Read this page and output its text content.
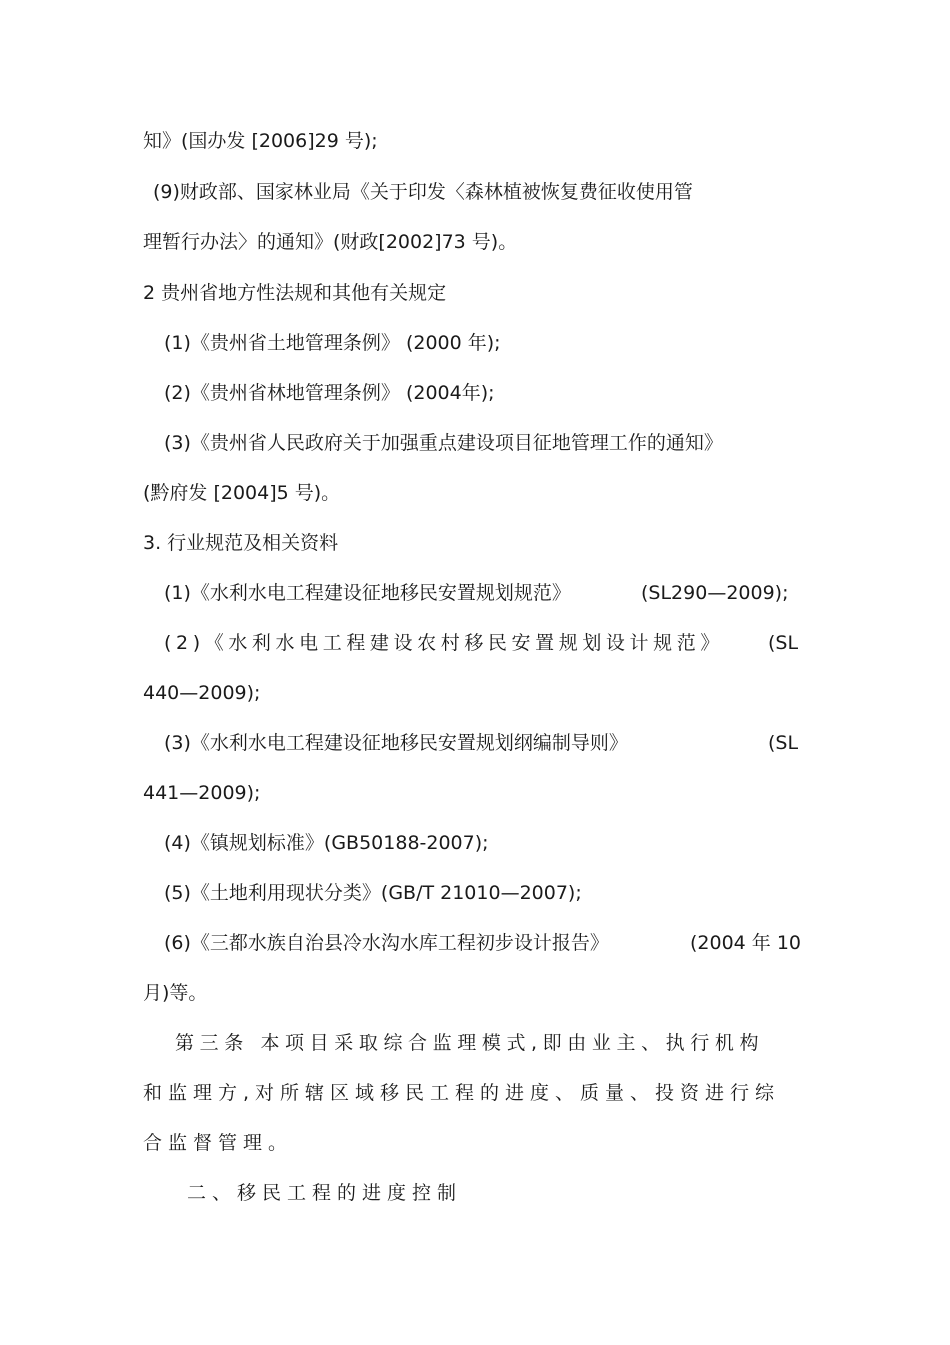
知》(国办发 [2006]29 号);

(9)财政部、国家林业局《关于印发〈森林植被恢复费征收使用管

理暂行办法〉的通知》(财政[2002]73 号)。

2 贵州省地方性法规和其他有关规定

(1)《贵州省土地管理条例》 (2000 年);

(2)《贵州省林地管理条例》 (2004年);

(3)《贵州省人民政府关于加强重点建设项目征地管理工作的通知》

(黔府发 [2004]5 号)。

3. 行业规范及相关资料

(1)《水利水电工程建设征地移民安置规划规范》	(SL290—2009);
(2)《水利水电工程建设农村移民安置规划设计规范》 (SL

440—2009);

(3)《水利水电工程建设征地移民安置规划纲编制导则》	(SL

441—2009);

(4)《镇规划标准》(GB50188-2007);

(5)《土地利用现状分类》(GB/T 21010—2007);

(6)《三都水族自治县冷水沟水库工程初步设计报告》	(2004 年 10

月)等。

第三条 本项目采取综合监理模式,即由业主、执行机构

和监理方,对所辖区域移民工程的进度、质量、投资进行综

合监督管理。

二、移民工程的进度控制
